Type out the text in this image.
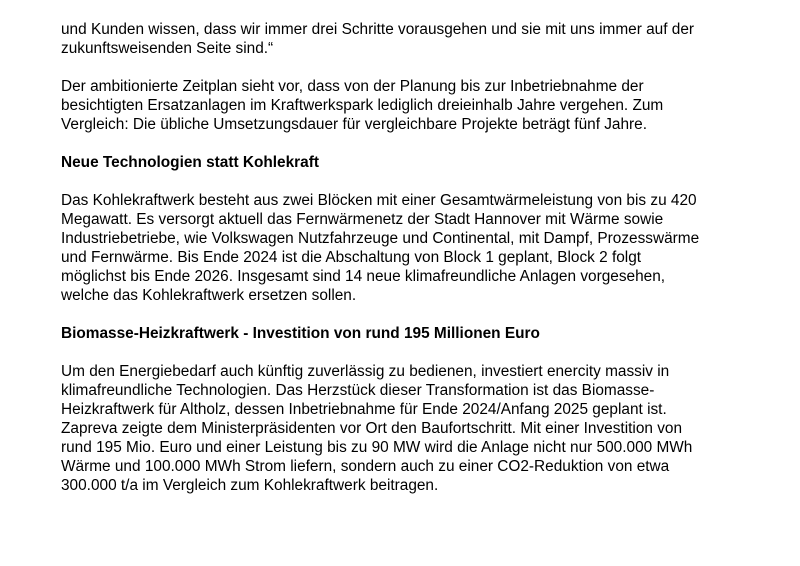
und Kunden wissen, dass wir immer drei Schritte vorausgehen und sie mit uns immer auf der
zukunftsweisenden Seite sind.“

Der ambitionierte Zeitplan sieht vor, dass von der Planung bis zur Inbetriebnahme der
besichtigten Ersatzanlagen im Kraftwerkspark lediglich dreieinhalb Jahre vergehen. Zum
Vergleich: Die übliche Umsetzungsdauer für vergleichbare Projekte beträgt fünf Jahre.

Neue Technologien statt Kohlekraft

Das Kohlekraftwerk besteht aus zwei Blöcken mit einer Gesamtwärmeleistung von bis zu 420
Megawatt. Es versorgt aktuell das Fernwärmenetz der Stadt Hannover mit Wärme sowie
Industriebetriebe, wie Volkswagen Nutzfahrzeuge und Continental, mit Dampf, Prozesswärme
und Fernwärme. Bis Ende 2024 ist die Abschaltung von Block 1 geplant, Block 2 folgt
möglichst bis Ende 2026. Insgesamt sind 14 neue klimafreundliche Anlagen vorgesehen,
welche das Kohlekraftwerk ersetzen sollen.

Biomasse-Heizkraftwerk - Investition von rund 195 Millionen Euro

Um den Energiebedarf auch künftig zuverlässig zu bedienen, investiert enercity massiv in
klimafreundliche Technologien. Das Herzstück dieser Transformation ist das Biomasse-
Heizkraftwerk für Altholz, dessen Inbetriebnahme für Ende 2024/Anfang 2025 geplant ist.
Zapreva zeigte dem Ministerpräsidenten vor Ort den Baufortschritt. Mit einer Investition von
rund 195 Mio. Euro und einer Leistung bis zu 90 MW wird die Anlage nicht nur 500.000 MWh
Wärme und 100.000 MWh Strom liefern, sondern auch zu einer CO2-Reduktion von etwa
300.000 t/a im Vergleich zum Kohlekraftwerk beitragen.
